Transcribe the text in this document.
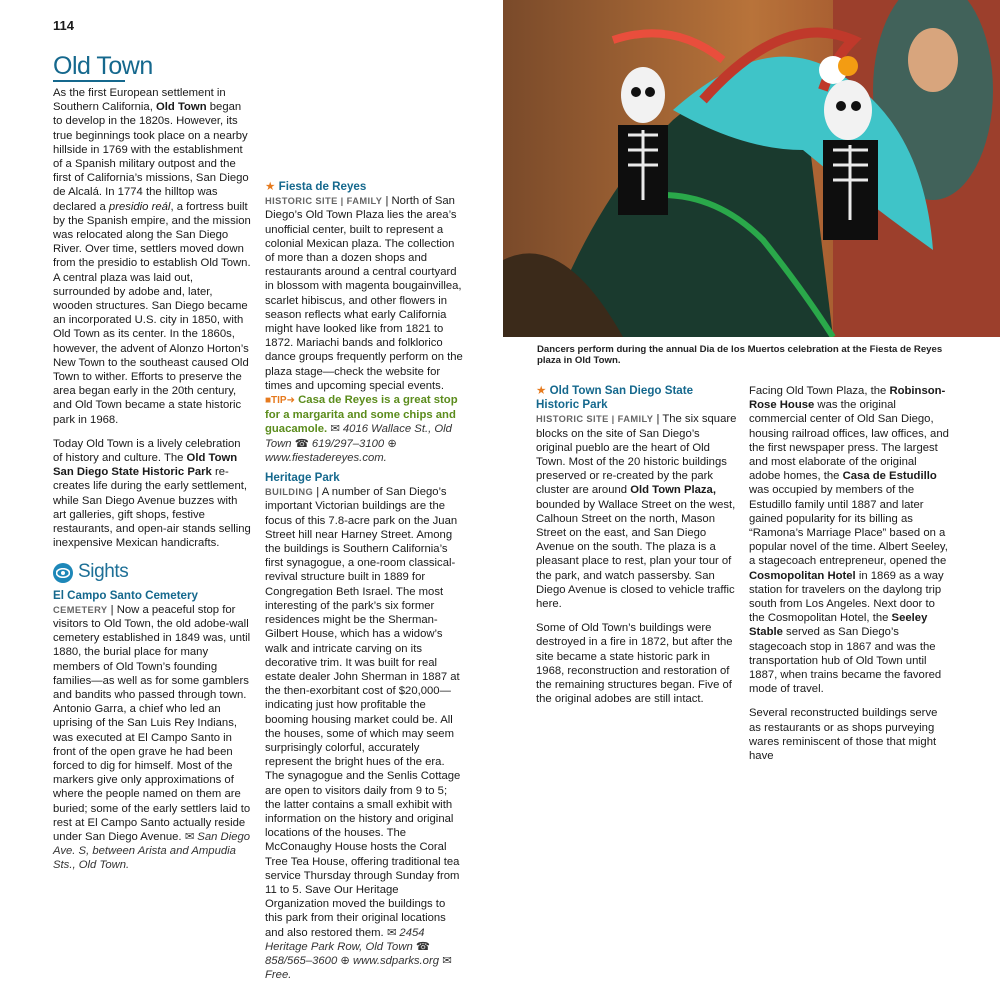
114
Old Town

As the first European settlement in Southern California, Old Town began to develop in the 1820s. However, its true beginnings took place on a nearby hillside in 1769 with the establishment of a Spanish military outpost and the first of California’s missions, San Diego de Alcalá. In 1774 the hilltop was declared a presidio reál, a fortress built by the Spanish empire, and the mission was relocated along the San Diego River. Over time, settlers moved down from the presidio to establish Old Town. A central plaza was laid out, surrounded by adobe and, later, wooden structures. San Diego became an incorporated U.S. city in 1850, with Old Town as its center. In the 1860s, however, the advent of Alonzo Horton’s New Town to the southeast caused Old Town to wither. Efforts to preserve the area began early in the 20th century, and Old Town became a state historic park in 1968.

Today Old Town is a lively celebration of history and culture. The Old Town San Diego State Historic Park re-creates life during the early settlement, while San Diego Avenue buzzes with art galleries, gift shops, festive restaurants, and open-air stands selling inexpensive Mexican handicrafts.

Sights
El Campo Santo Cemetery
CEMETERY | Now a peaceful stop for visitors to Old Town, the old adobe-wall cemetery established in 1849 was, until 1880, the burial place for many members of Old Town’s founding families—as well as for some gamblers and bandits who passed through town. Antonio Garra, a chief who led an uprising of the San Luis Rey Indians, was executed at El Campo Santo in front of the open grave he had been forced to dig for himself. Most of the markers give only approximations of where the people named on them are buried; some of the early settlers laid to rest at El Campo Santo actually reside under San Diego Avenue. ✉ San Diego Ave. S, between Arista and Ampudia Sts., Old Town.
★ Fiesta de Reyes

HISTORIC SITE | FAMILY | North of San Diego’s Old Town Plaza lies the area’s unofficial center, built to represent a colonial Mexican plaza. The collection of more than a dozen shops and restaurants around a central courtyard in blossom with magenta bougainvillea, scarlet hibiscus, and other flowers in season reflects what early California might have looked like from 1821 to 1872. Mariachi bands and folklorico dance groups frequently perform on the plaza stage—check the website for times and upcoming special events. ■TIP➜ Casa de Reyes is a great stop for a margarita and some chips and guacamole. ✉ 4016 Wallace St., Old Town ☎ 619/297–3100 ⊕ www.fiestadereyes.com.

Heritage Park
BUILDING | A number of San Diego’s important Victorian buildings are the focus of this 7.8-acre park on the Juan Street hill near Harney Street. Among the buildings is Southern California’s first synagogue, a one-room classical-revival structure built in 1889 for Congregation Beth Israel. The most interesting of the park’s six former residences might be the Sherman-Gilbert House, which has a widow’s walk and intricate carving on its decorative trim. It was built for real estate dealer John Sherman in 1887 at the then-exorbitant cost of $20,000—indicating just how profitable the booming housing market could be. All the houses, some of which may seem surprisingly colorful, accurately represent the bright hues of the era. The synagogue and the Senlis Cottage are open to visitors daily from 9 to 5; the latter contains a small exhibit with information on the history and original locations of the houses. The McConaughy House hosts the Coral Tree Tea House, offering traditional tea service Thursday through Sunday from 11 to 5. Save Our Heritage Organization moved the buildings to this park from their original locations and also restored them. ✉ 2454 Heritage Park Row, Old Town ☎ 858/565–3600 ⊕ www.sdparks.org ✉ Free.
Dancers perform during the annual Dia de los Muertos celebration at the Fiesta de Reyes plaza in Old Town.
★ Old Town San Diego State Historic Park

HISTORIC SITE | FAMILY | The six square blocks on the site of San Diego’s original pueblo are the heart of Old Town. Most of the 20 historic buildings preserved or re-created by the park cluster are around Old Town Plaza, bounded by Wallace Street on the west, Calhoun Street on the north, Mason Street on the east, and San Diego Avenue on the south. The plaza is a pleasant place to rest, plan your tour of the park, and watch passersby. San Diego Avenue is closed to vehicle traffic here.

Some of Old Town’s buildings were destroyed in a fire in 1872, but after the site became a state historic park in 1968, reconstruction and restoration of the remaining structures began. Five of the original adobes are still intact.

Facing Old Town Plaza, the Robinson-Rose House was the original commercial center of Old San Diego, housing railroad offices, law offices, and the first newspaper press. The largest and most elaborate of the original adobe homes, the Casa de Estudillo was occupied by members of the Estudillo family until 1887 and later gained popularity for its billing as “Ramona’s Marriage Place” based on a popular novel of the time. Albert Seeley, a stagecoach entrepreneur, opened the Cosmopolitan Hotel in 1869 as a way station for travelers on the daylong trip south from Los Angeles. Next door to the Cosmopolitan Hotel, the Seeley Stable served as San Diego’s stagecoach stop in 1867 and was the transportation hub of Old Town until 1887, when trains became the favored mode of travel.

Several reconstructed buildings serve as restaurants or as shops purveying wares reminiscent of those that might have
